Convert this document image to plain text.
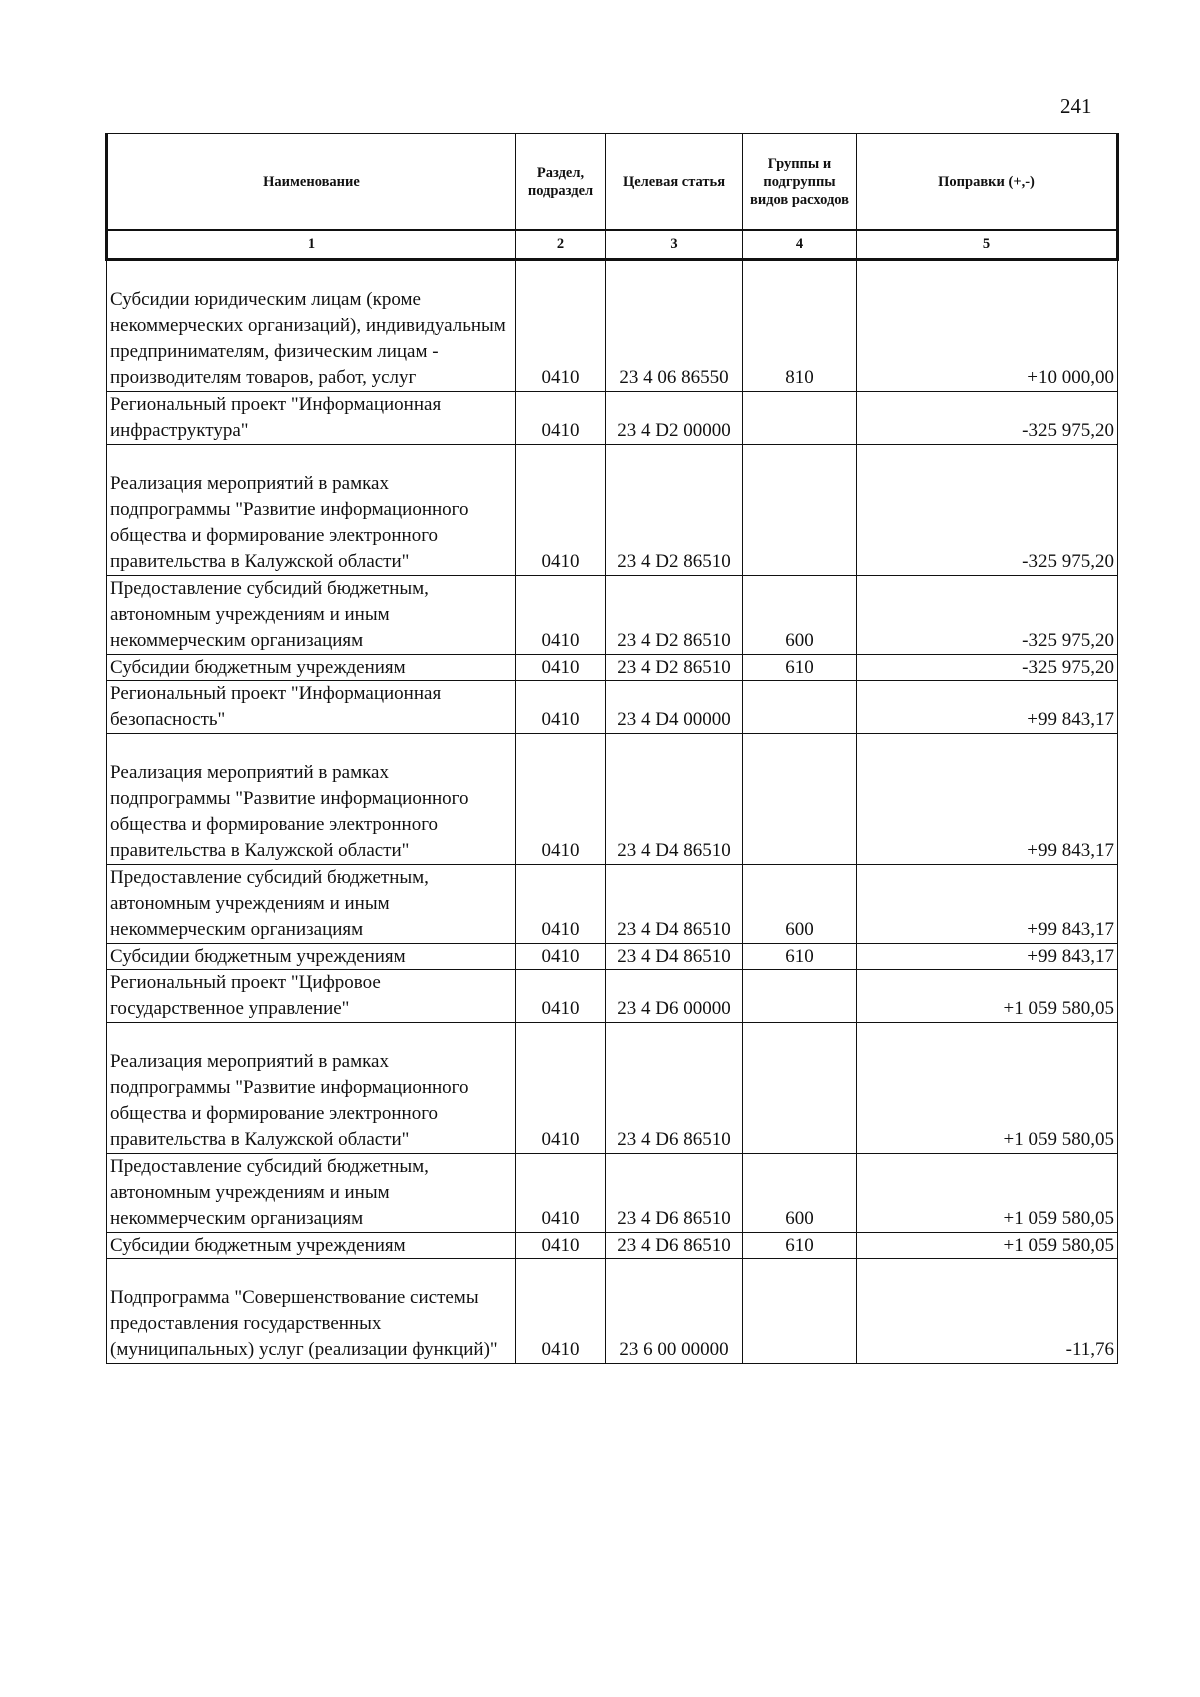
241
Наименование	Раздел, подраздел	Целевая статья	Группы и подгруппы видов расходов	Поправки (+,-)
1	2	3	4	5
Субсидии юридическим лицам (кроме некоммерческих организаций), индивидуальным предпринимателям, физическим лицам - производителям товаров, работ, услуг	0410	23 4 06 86550	810	+10 000,00
Региональный проект "Информационная инфраструктура"	0410	23 4 D2 00000		-325 975,20
Реализация мероприятий в рамках подпрограммы "Развитие информационного общества и формирование электронного правительства в Калужской области"	0410	23 4 D2 86510		-325 975,20
Предоставление субсидий бюджетным, автономным учреждениям и иным некоммерческим организациям	0410	23 4 D2 86510	600	-325 975,20
Субсидии бюджетным учреждениям	0410	23 4 D2 86510	610	-325 975,20
Региональный проект "Информационная безопасность"	0410	23 4 D4 00000		+99 843,17
Реализация мероприятий в рамках подпрограммы "Развитие информационного общества и формирование электронного правительства в Калужской области"	0410	23 4 D4 86510		+99 843,17
Предоставление субсидий бюджетным, автономным учреждениям и иным некоммерческим организациям	0410	23 4 D4 86510	600	+99 843,17
Субсидии бюджетным учреждениям	0410	23 4 D4 86510	610	+99 843,17
Региональный проект "Цифровое государственное управление"	0410	23 4 D6 00000		+1 059 580,05
Реализация мероприятий в рамках подпрограммы "Развитие информационного общества и формирование электронного правительства в Калужской области"	0410	23 4 D6 86510		+1 059 580,05
Предоставление субсидий бюджетным, автономным учреждениям и иным некоммерческим организациям	0410	23 4 D6 86510	600	+1 059 580,05
Субсидии бюджетным учреждениям	0410	23 4 D6 86510	610	+1 059 580,05
Подпрограмма "Совершенствование системы предоставления государственных (муниципальных) услуг (реализации функций)"	0410	23 6 00 00000		-11,76
